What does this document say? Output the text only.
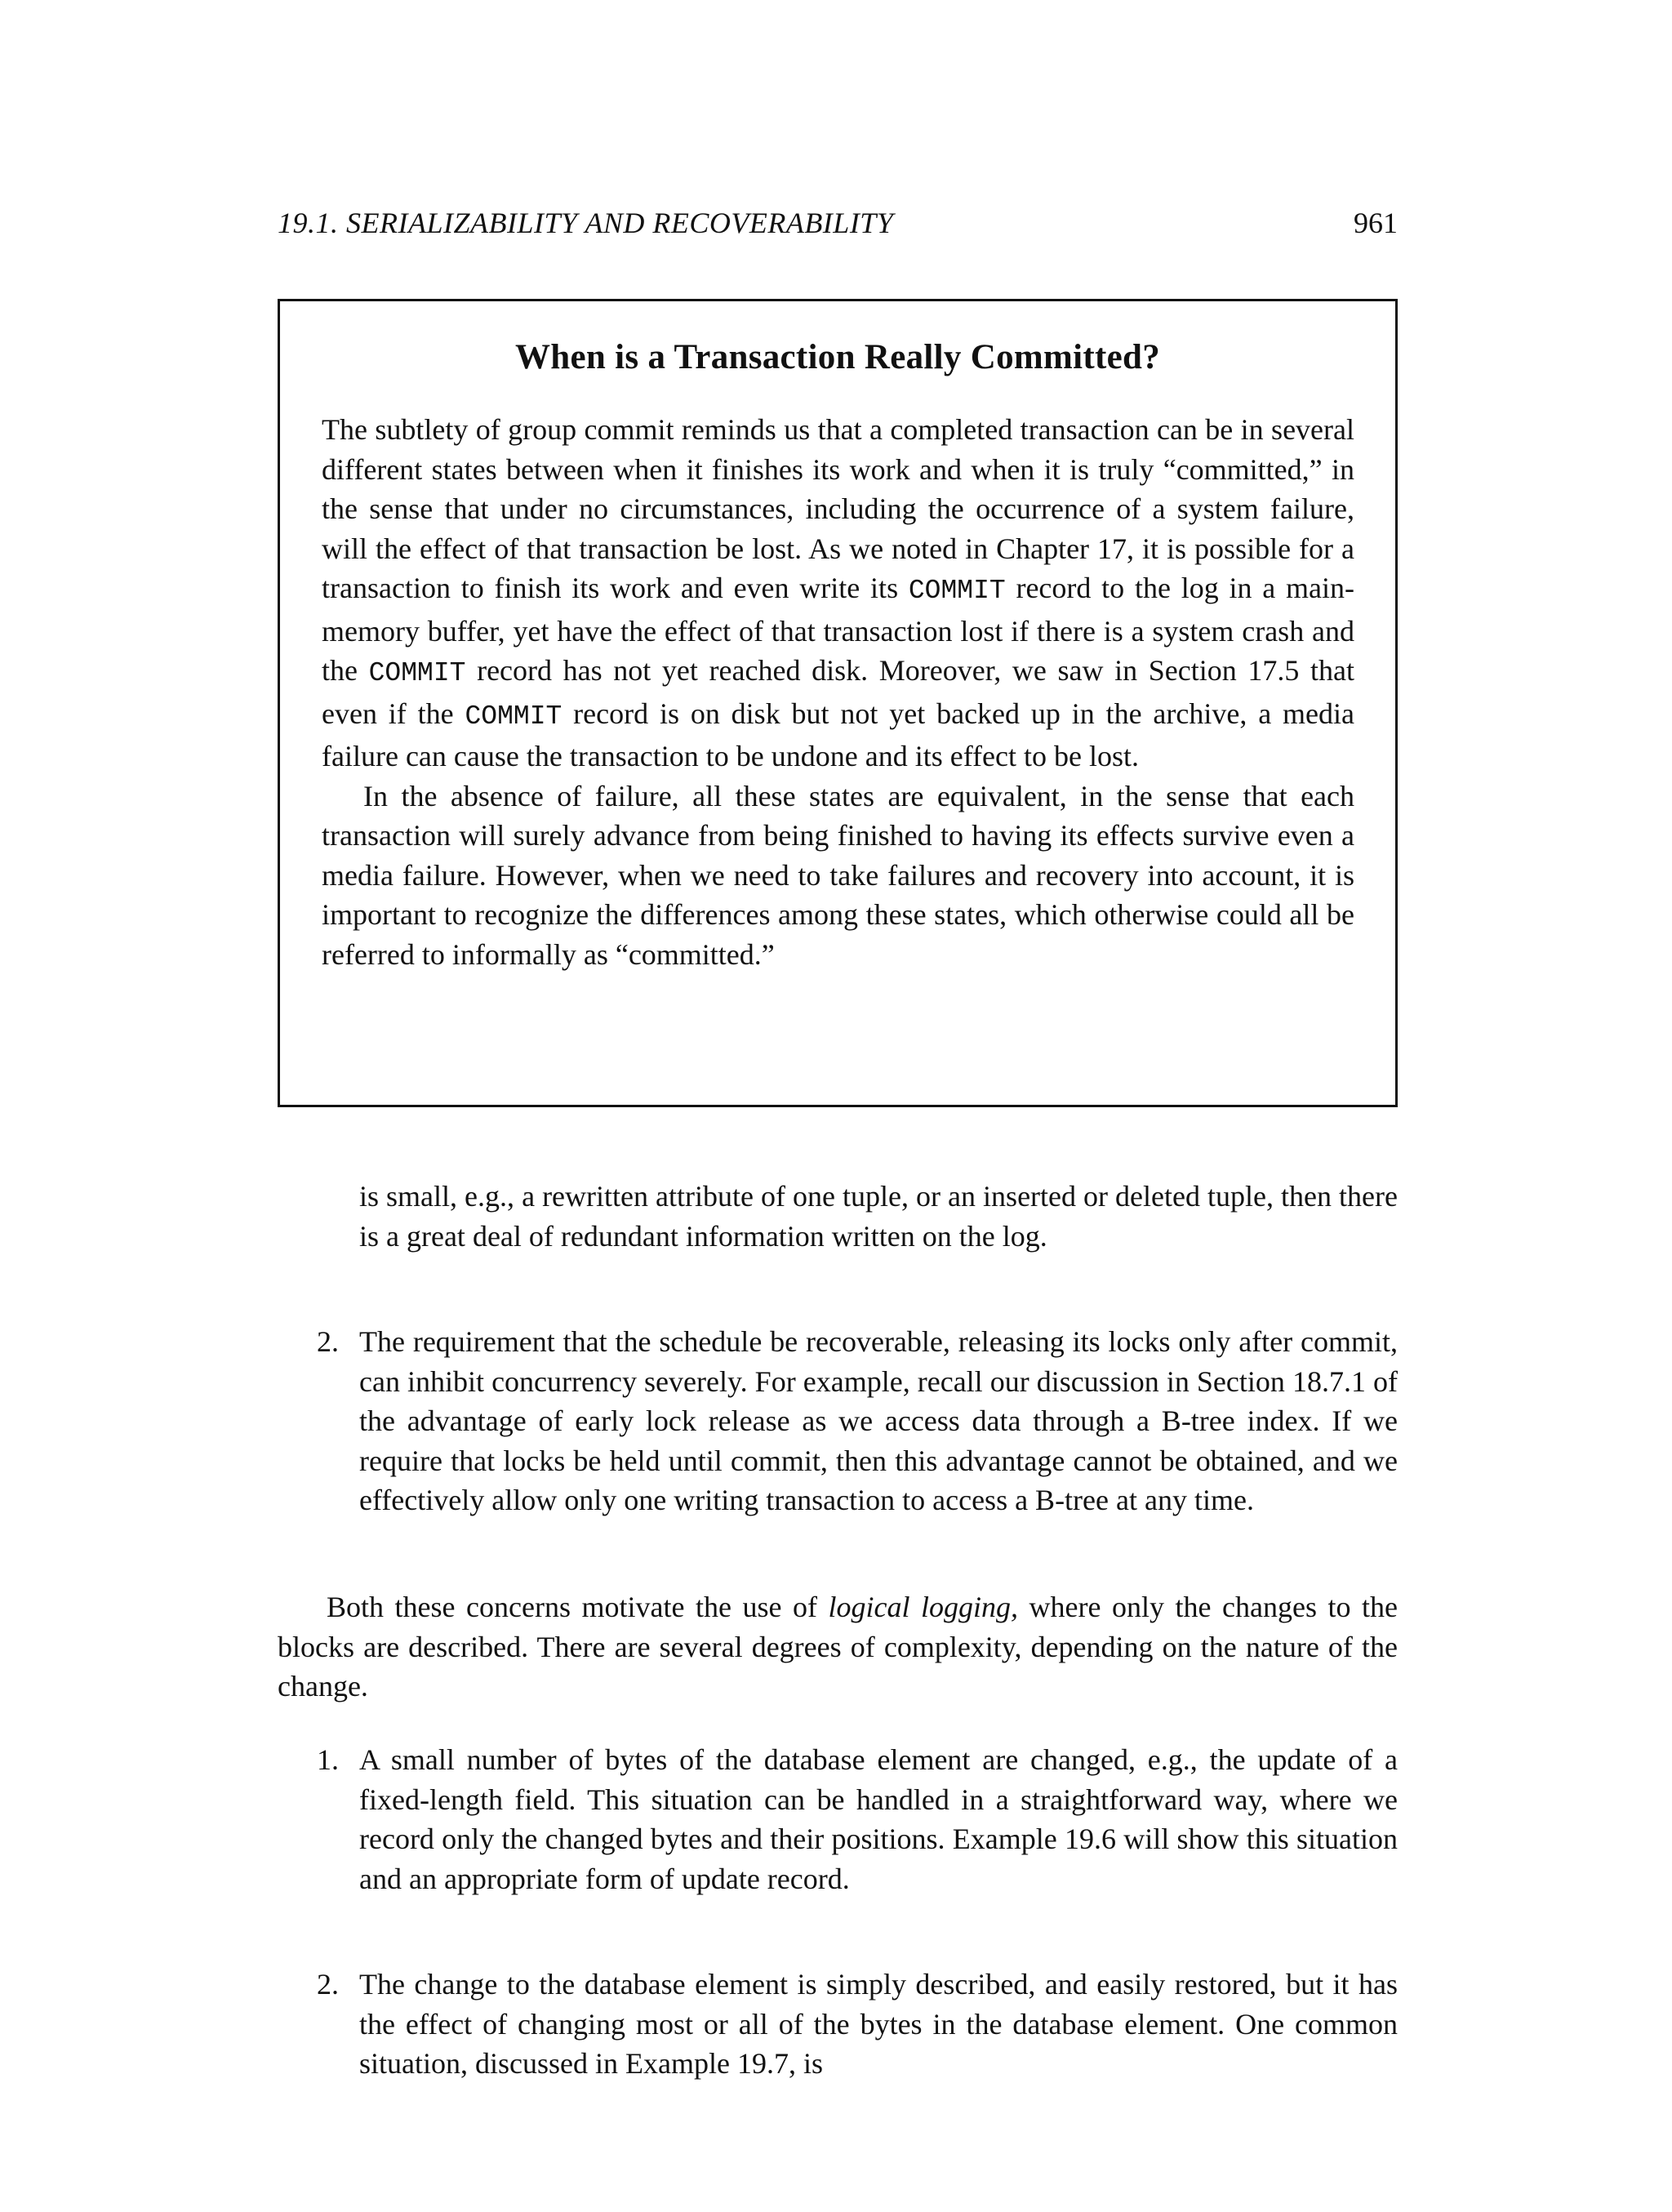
19.1. SERIALIZABILITY AND RECOVERABILITY	961
When is a Transaction Really Committed?

The subtlety of group commit reminds us that a completed transaction can be in several different states between when it finishes its work and when it is truly “committed,” in the sense that under no circumstances, including the occurrence of a system failure, will the effect of that transaction be lost. As we noted in Chapter 17, it is possible for a transaction to finish its work and even write its COMMIT record to the log in a main-memory buffer, yet have the effect of that transaction lost if there is a system crash and the COMMIT record has not yet reached disk. Moreover, we saw in Section 17.5 that even if the COMMIT record is on disk but not yet backed up in the archive, a media failure can cause the transaction to be undone and its effect to be lost.

In the absence of failure, all these states are equivalent, in the sense that each transaction will surely advance from being finished to having its effects survive even a media failure. However, when we need to take failures and recovery into account, it is important to recognize the differences among these states, which otherwise could all be referred to informally as “committed.”

is small, e.g., a rewritten attribute of one tuple, or an inserted or deleted tuple, then there is a great deal of redundant information written on the log.
2. The requirement that the schedule be recoverable, releasing its locks only after commit, can inhibit concurrency severely. For example, recall our discussion in Section 18.7.1 of the advantage of early lock release as we access data through a B-tree index. If we require that locks be held until commit, then this advantage cannot be obtained, and we effectively allow only one writing transaction to access a B-tree at any time.

Both these concerns motivate the use of logical logging, where only the changes to the blocks are described. There are several degrees of complexity, depending on the nature of the change.

1. A small number of bytes of the database element are changed, e.g., the update of a fixed-length field. This situation can be handled in a straightforward way, where we record only the changed bytes and their positions. Example 19.6 will show this situation and an appropriate form of update record.
2. The change to the database element is simply described, and easily restored, but it has the effect of changing most or all of the bytes in the database element. One common situation, discussed in Example 19.7, is
